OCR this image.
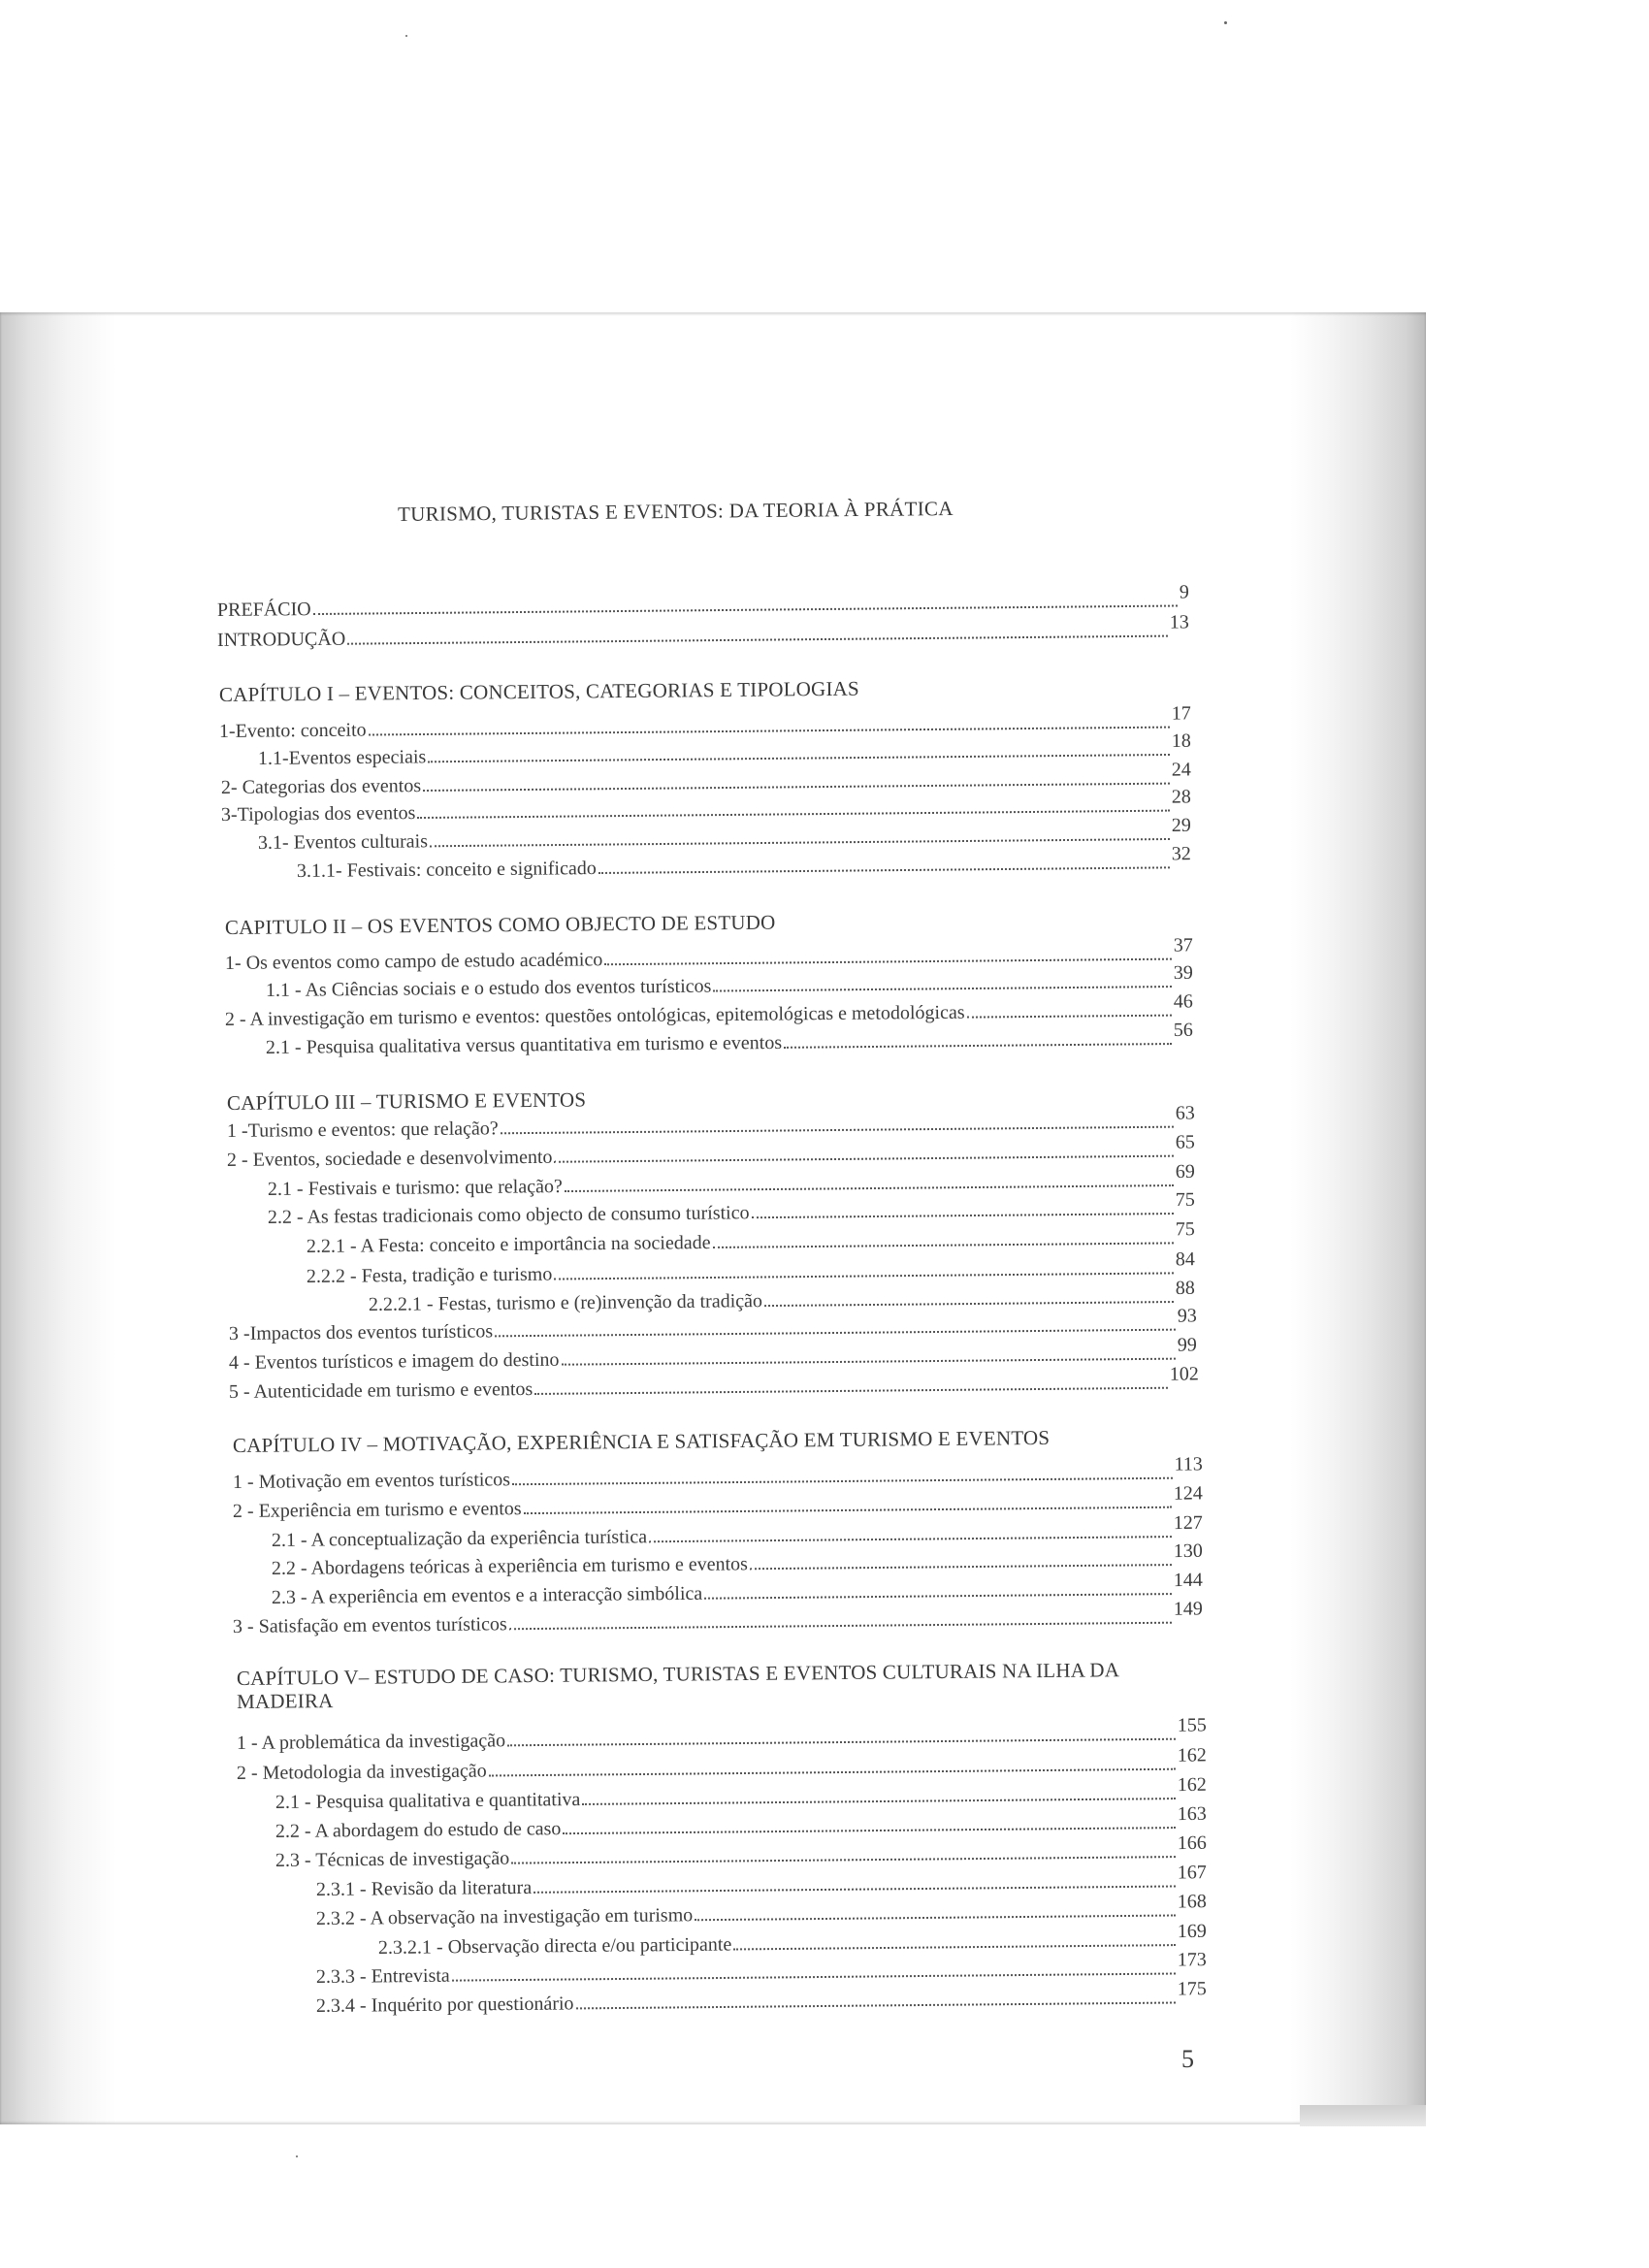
TURISMO, TURISTAS E EVENTOS: DA TEORIA À PRÁTICA
PREFÁCIO
9
INTRODUÇÃO
13
CAPÍTULO I – EVENTOS: CONCEITOS, CATEGORIAS E TIPOLOGIAS
1-Evento: conceito
17
1.1-Eventos especiais
18
2- Categorias dos eventos
24
3-Tipologias dos eventos
28
3.1- Eventos culturais
29
3.1.1- Festivais: conceito e significado
32
CAPITULO II – OS EVENTOS COMO OBJECTO DE ESTUDO
1- Os eventos como campo de estudo académico
37
1.1 - As Ciências sociais e o estudo dos eventos turísticos
39
2 - A investigação em turismo e eventos: questões ontológicas, epitemológicas e metodológicas
46
2.1 - Pesquisa qualitativa versus quantitativa em turismo e eventos
56
CAPÍTULO III – TURISMO E EVENTOS
1 -Turismo e eventos: que relação?
63
2 - Eventos, sociedade e desenvolvimento
65
2.1 - Festivais e turismo: que relação?
69
2.2 - As festas tradicionais como objecto de consumo turístico
75
2.2.1 - A Festa: conceito e importância na sociedade
75
2.2.2 - Festa, tradição e turismo
84
2.2.2.1 - Festas, turismo e (re)invenção da tradição
88
3 -Impactos dos eventos turísticos
93
4 - Eventos turísticos e imagem do destino
99
5 - Autenticidade em turismo e eventos
102
CAPÍTULO IV – MOTIVAÇÃO, EXPERIÊNCIA E SATISFAÇÃO EM TURISMO E EVENTOS
1 - Motivação em eventos turísticos
113
2 - Experiência em turismo e eventos
124
2.1 - A conceptualização da experiência turística
127
2.2 - Abordagens teóricas à experiência em turismo e eventos
130
2.3 - A experiência em eventos e a interacção simbólica
144
3 - Satisfação em eventos turísticos
149
CAPÍTULO V– ESTUDO DE CASO: TURISMO, TURISTAS E EVENTOS CULTURAIS NA ILHA DA MADEIRA
1 - A problemática da investigação
155
2 - Metodologia da investigação
162
2.1 - Pesquisa qualitativa e quantitativa
162
2.2 - A abordagem do estudo de caso
163
2.3 - Técnicas de investigação
166
2.3.1 - Revisão da literatura
167
2.3.2 - A observação na investigação em turismo
168
2.3.2.1 - Observação directa e/ou participante
169
2.3.3 - Entrevista
173
2.3.4 - Inquérito por questionário
175
5
